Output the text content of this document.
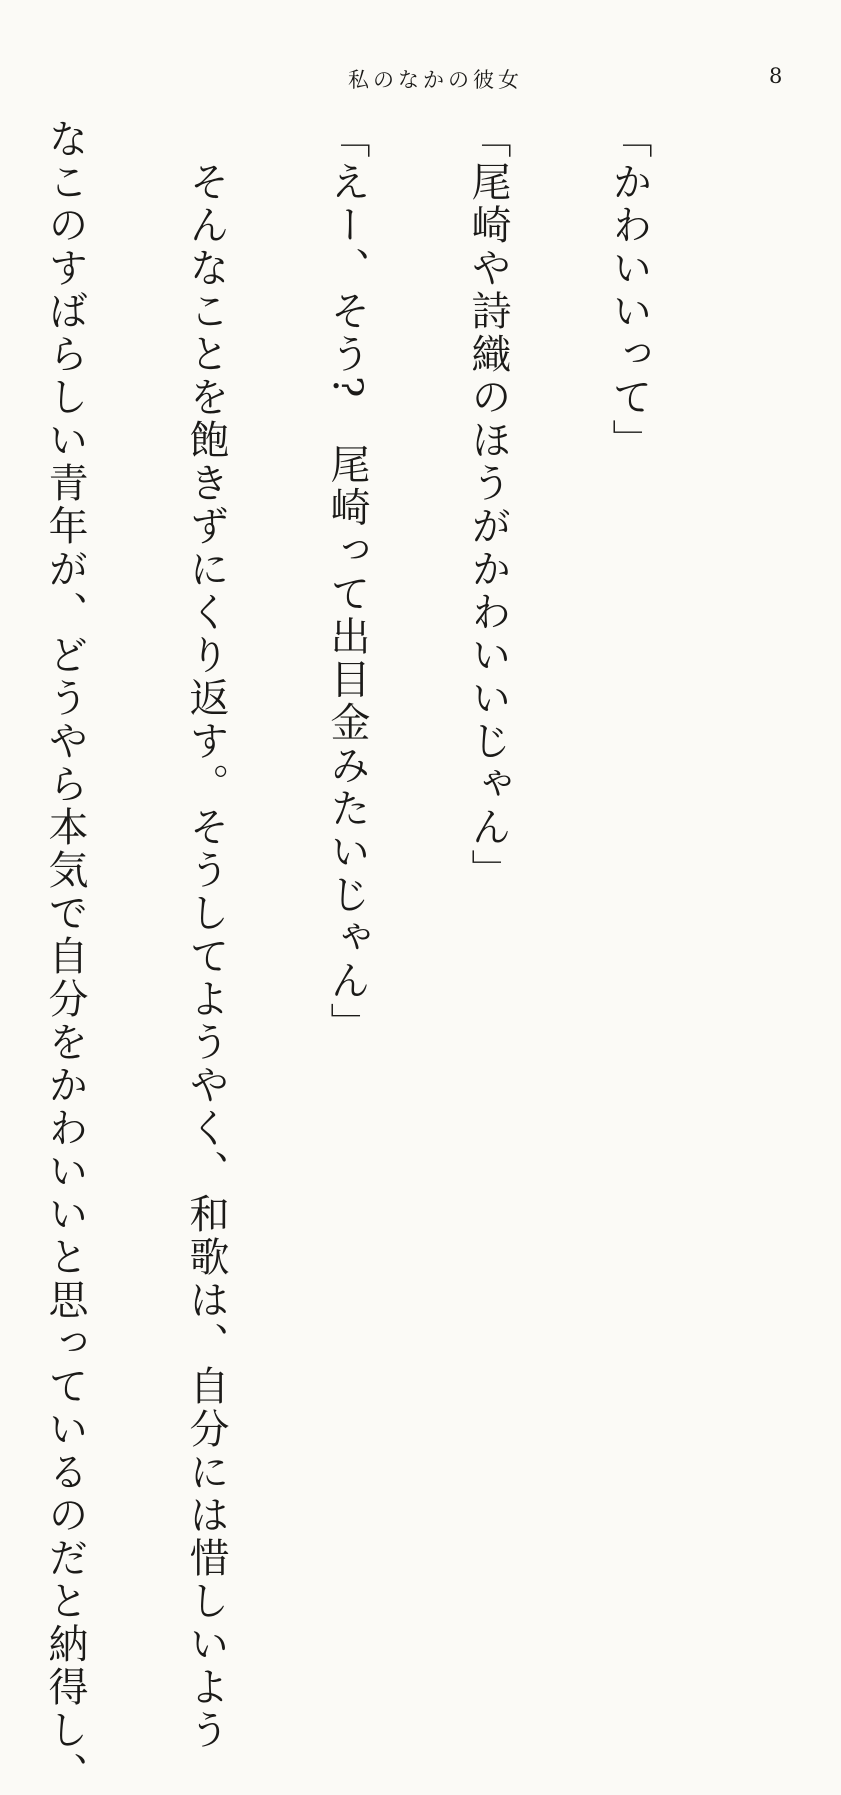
私のなかの彼女	8

「かわいいって」

「尾崎や詩織のほうがかわいいじゃん」

「えー、そう?　尾崎って出目金みたいじゃん」

　そんなことを飽きずにくり返す。そうしてようやく、和歌は、自分には惜しいよう

なこのすばらしい青年が、どうやら本気で自分をかわいいと思っているのだと納得し、
